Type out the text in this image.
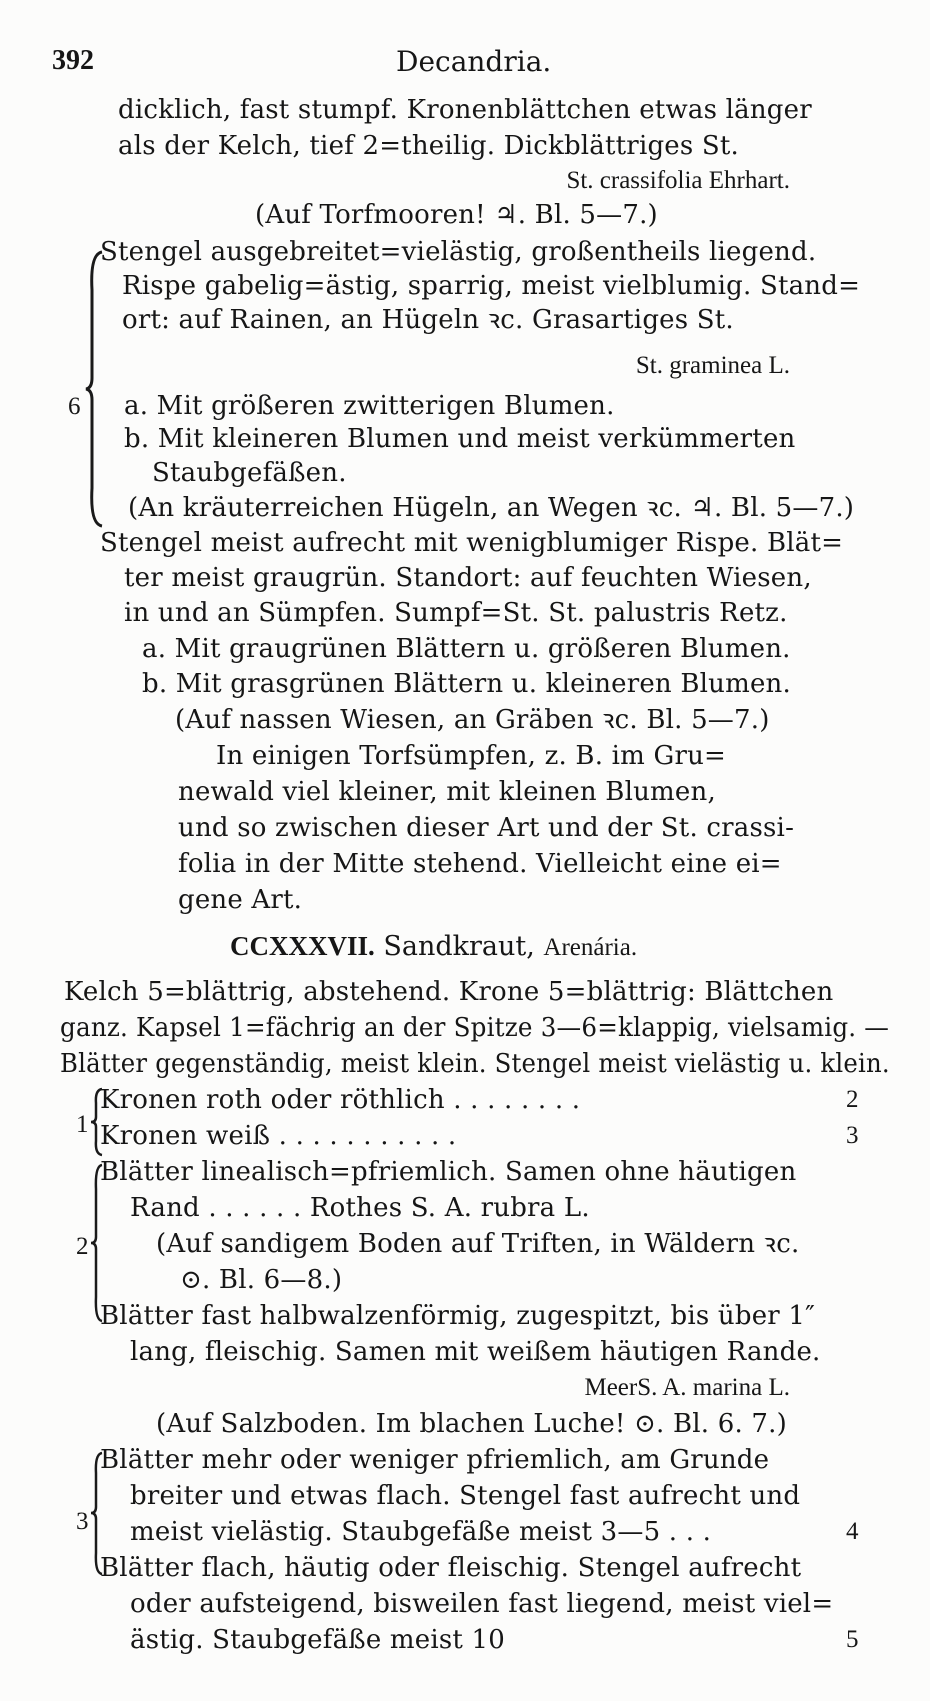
392	Decandria.
dicklich, fast stumpf. Kronenblättchen etwas länger
als der Kelch, tief 2=theilig. Dickblättriges St.
St. crassifolia Ehrhart.
(Auf Torfmooren! ♃. Bl. 5—7.)
6
Stengel ausgebreitet=vielästig, großentheils liegend.
Rispe gabelig=ästig, sparrig, meist vielblumig. Stand=
ort: auf Rainen, an Hügeln ꝛc. Grasartiges St.
St. graminea L.
a. Mit größeren zwitterigen Blumen.
b. Mit kleineren Blumen und meist verkümmerten
Staubgefäßen.
(An kräuterreichen Hügeln, an Wegen ꝛc. ♃. Bl. 5—7.)
Stengel meist aufrecht mit wenigblumiger Rispe. Blät=
ter meist graugrün. Standort: auf feuchten Wiesen,
in und an Sümpfen. Sumpf=St. St. palustris Retz.
a. Mit graugrünen Blättern u. größeren Blumen.
b. Mit grasgrünen Blättern u. kleineren Blumen.
(Auf nassen Wiesen, an Gräben ꝛc. Bl. 5—7.)
In einigen Torfsümpfen, z. B. im Gru=
newald viel kleiner, mit kleinen Blumen,
und so zwischen dieser Art und der St. crassi-
folia in der Mitte stehend. Vielleicht eine ei=
gene Art.
CCXXXVII. Sandkraut, Arenária.
Kelch 5=blättrig, abstehend. Krone 5=blättrig: Blättchen
ganz. Kapsel 1=fächrig an der Spitze 3—6=klappig, vielsamig. —
Blätter gegenständig, meist klein. Stengel meist vielästig u. klein.
1
Kronen roth oder röthlich . . . . . . . .	2
Kronen weiß . . . . . . . . . . .	3
2
Blätter linealisch=pfriemlich. Samen ohne häutigen
Rand . . . . . . Rothes S. A. rubra L.
(Auf sandigem Boden auf Triften, in Wäldern ꝛc.
⊙. Bl. 6—8.)
Blätter fast halbwalzenförmig, zugespitzt, bis über 1″
lang, fleischig. Samen mit weißem häutigen Rande.
MeerS. A. marina L.
(Auf Salzboden. Im blachen Luche! ⊙. Bl. 6. 7.)
3
Blätter mehr oder weniger pfriemlich, am Grunde
breiter und etwas flach. Stengel fast aufrecht und
meist vielästig. Staubgefäße meist 3—5 . . .	4
Blätter flach, häutig oder fleischig. Stengel aufrecht
oder aufsteigend, bisweilen fast liegend, meist viel=
ästig. Staubgefäße meist 10	5
